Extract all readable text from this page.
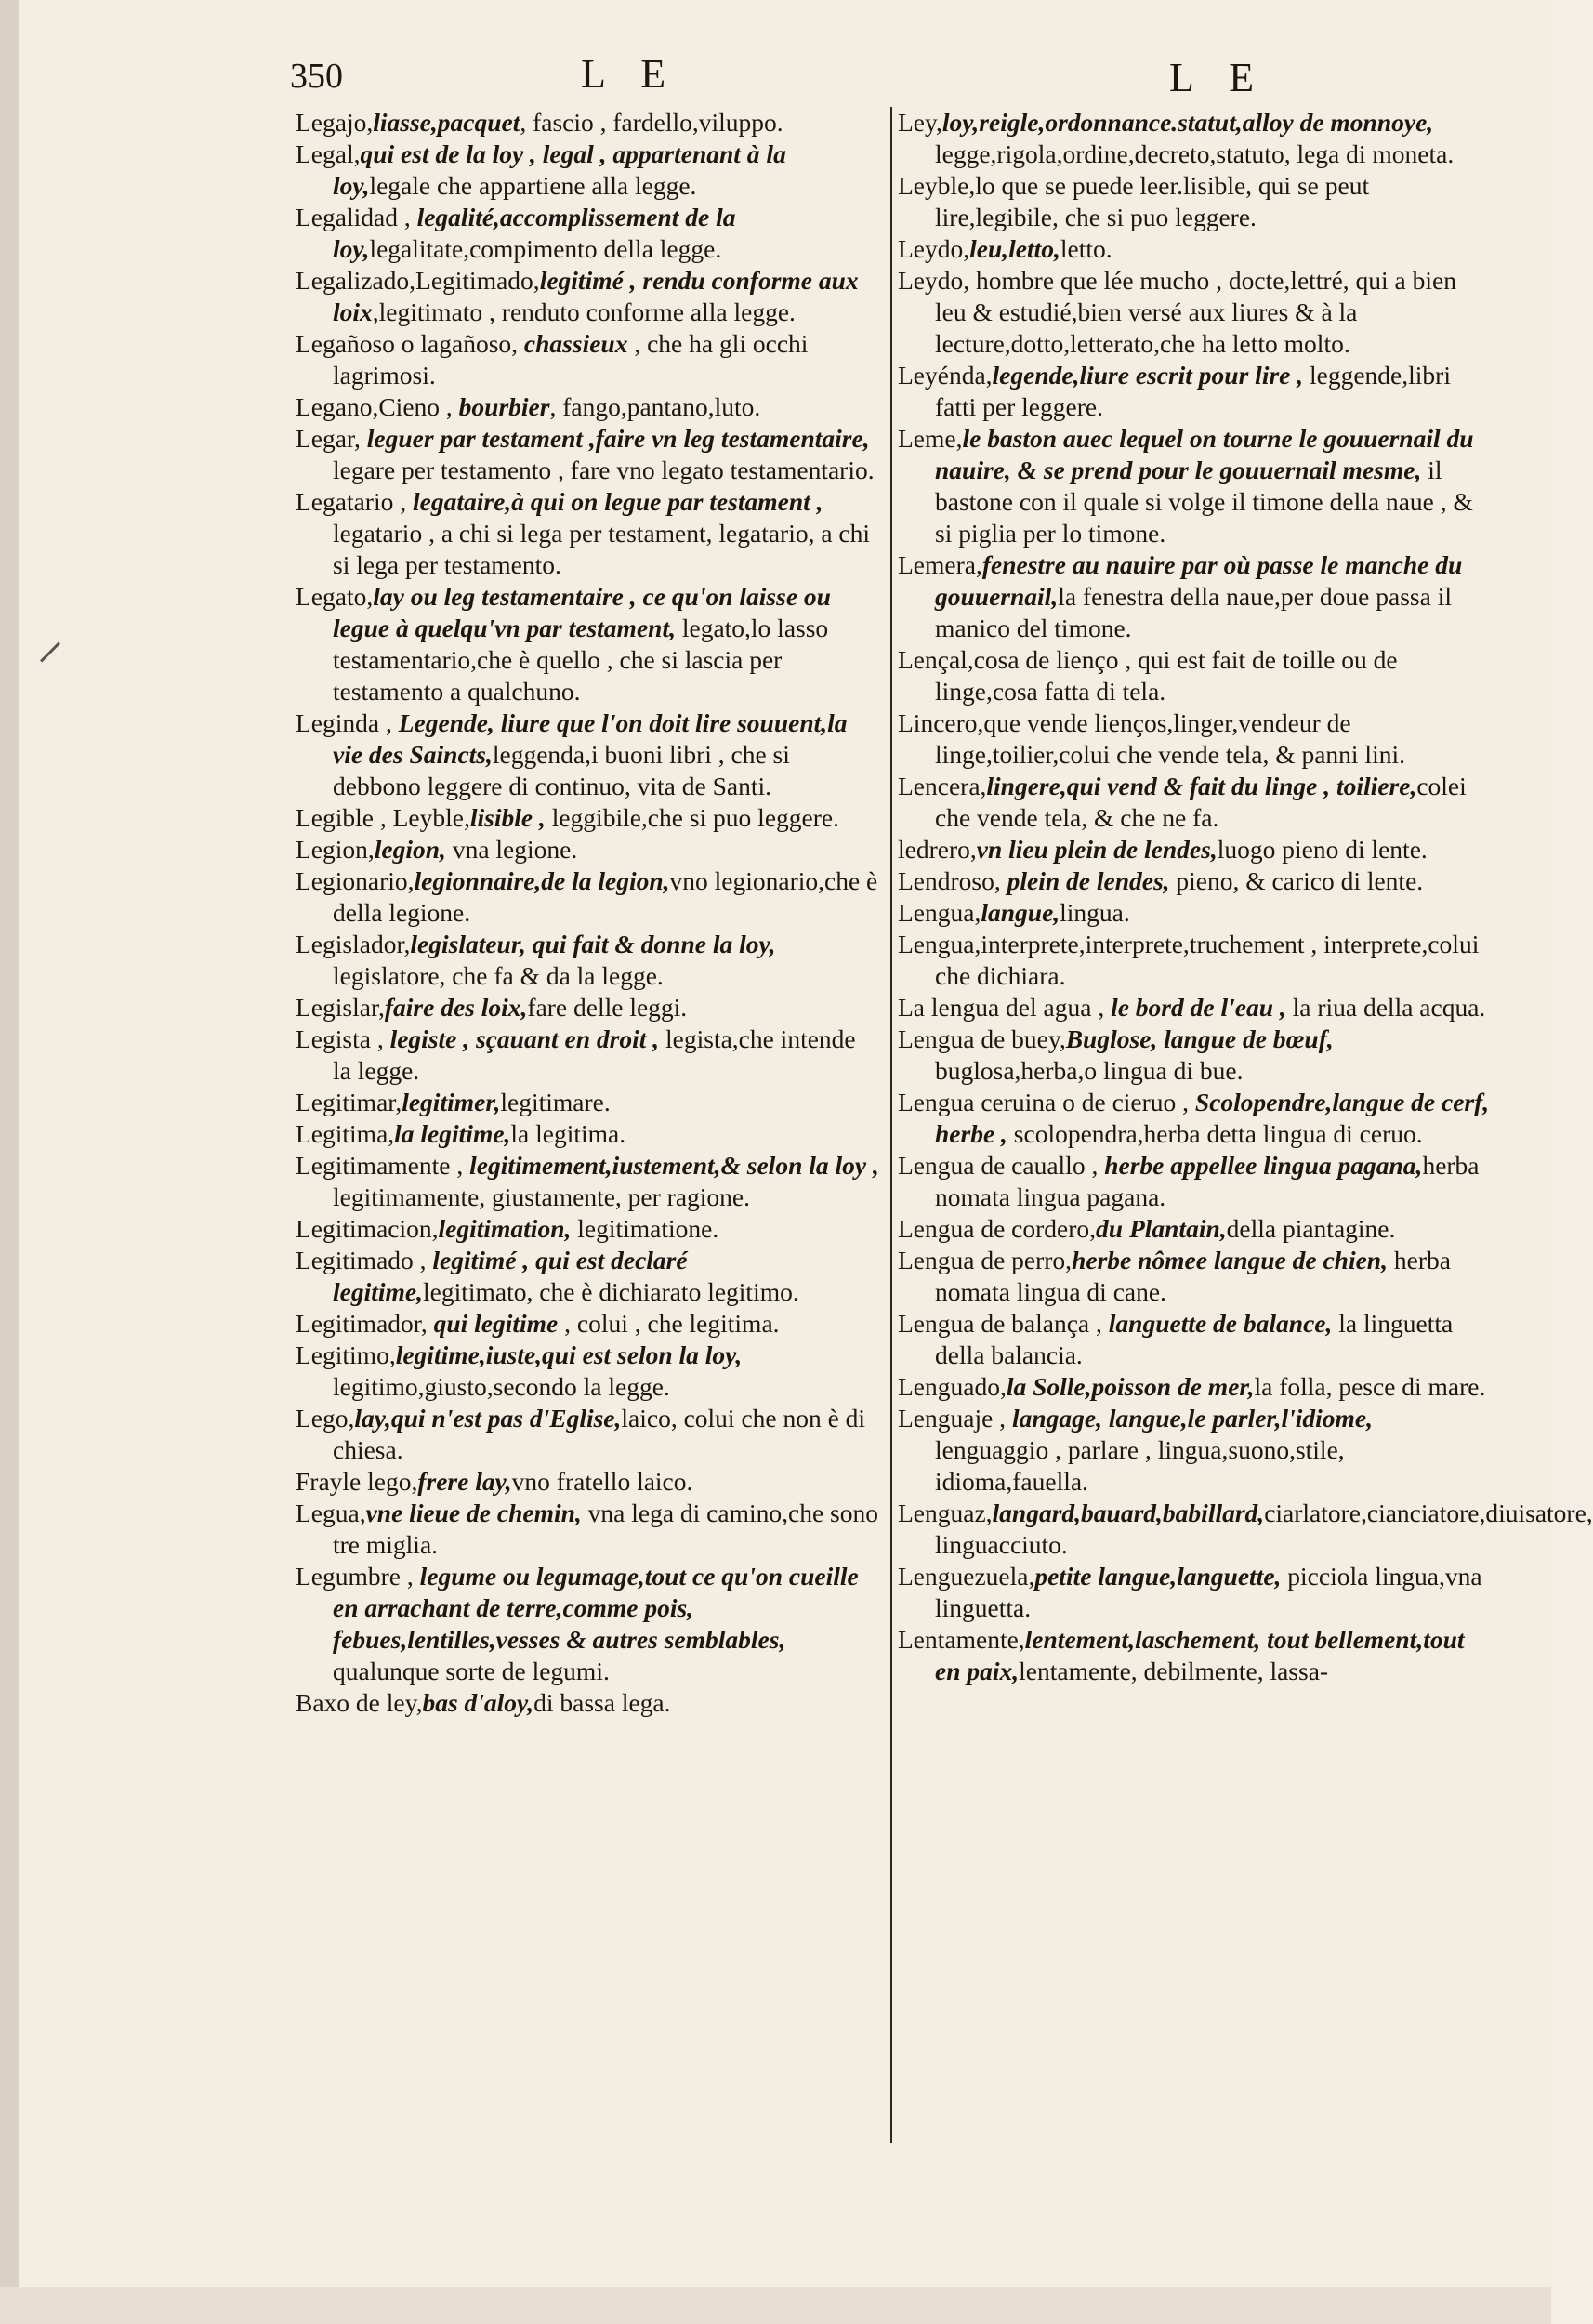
350	L E	L E

Legajo,liasse,pacquet, fascio , fardello,viluppo.

Legal,qui est de la loy , legal , appartenant à la loy,legale che appartiene alla legge.

Legalidad , legalité,accomplissement de la loy,legalitate,compimento della legge.

Legalizado,Legitimado,legitimé , rendu conforme aux loix,legitimato , renduto conforme alla legge.

Legañoso o lagañoso, chassieux , che ha gli occhi lagrimosi.

Legano,Cieno , bourbier, fango,pantano,luto.

Legar, leguer par testament ,faire vn leg testamentaire, legare per testamento , fare vno legato testamentario.

Legatario , legataire,à qui on legue par testament , legatario , a chi si lega per testament, legatario, a chi si lega per testamento.

Legato,lay ou leg testamentaire , ce qu'on laisse ou legue à quelqu'vn par testament, legato,lo lasso testamentario,che è quello , che si lascia per testamento a qualchuno.

Leginda , Legende, liure que l'on doit lire souuent,la vie des Saincts,leggenda,i buoni libri , che si debbono leggere di continuo, vita de Santi.

Legible , Leyble,lisible , leggibile,che si puo leggere.

Legion,legion, vna legione.

Legionario,legionnaire,de la legion,vno legionario,che è della legione.

Legislador,legislateur, qui fait & donne la loy, legislatore, che fa & da la legge.

Legislar,faire des loix,fare delle leggi.

Legista , legiste , sçauant en droit , legista,che intende la legge.

Legitimar,legitimer,legitimare.

Legitima,la legitime,la legitima.

Legitimamente , legitimement,iustement,& selon la loy , legitimamente, giustamente, per ragione.

Legitimacion,legitimation, legitimatione.

Legitimado , legitimé , qui est declaré legitime,legitimato, che è dichiarato legitimo.

Legitimador, qui legitime , colui , che legitima.

Legitimo,legitime,iuste,qui est selon la loy, legitimo,giusto,secondo la legge.

Lego,lay,qui n'est pas d'Eglise,laico, colui che non è di chiesa.

Frayle lego,frere lay,vno fratello laico.

Legua,vne lieue de chemin, vna lega di camino,che sono tre miglia.

Legumbre , legume ou legumage,tout ce qu'on cueille en arrachant de terre,comme pois, febues,lentilles,vesses & autres semblables, qualunque sorte de legumi.

Baxo de ley,bas d'aloy,di bassa lega.

Ley,loy,reigle,ordonnance.statut,alloy de monnoye, legge,rigola,ordine,decreto,statuto, lega di moneta.

Leyble,lo que se puede leer.lisible, qui se peut lire,legibile, che si puo leggere.

Leydo,leu,letto,letto.

Leydo, hombre que lée mucho , docte,lettré, qui a bien leu & estudié,bien versé aux liures & à la lecture,dotto,letterato,che ha letto molto.

Leyénda,legende,liure escrit pour lire , leggende,libri fatti per leggere.

Leme,le baston auec lequel on tourne le gouuernail du nauire, & se prend pour le gouuernail mesme, il bastone con il quale si volge il timone della naue , & si piglia per lo timone.

Lemera,fenestre au nauire par où passe le manche du gouuernail,la fenestra della naue,per doue passa il manico del timone.

Lençal,cosa de lienço , qui est fait de toille ou de linge,cosa fatta di tela.

Lincero,que vende lienços,linger,vendeur de linge,toilier,colui che vende tela, & panni lini.

Lencera,lingere,qui vend & fait du linge , toiliere,colei che vende tela, & che ne fa.

ledrero,vn lieu plein de lendes,luogo pieno di lente.

Lendroso, plein de lendes, pieno, & carico di lente.

Lengua,langue,lingua.

Lengua,interprete,interprete,truchement , interprete,colui che dichiara.

La lengua del agua , le bord de l'eau , la riua della acqua.

Lengua de buey,Buglose, langue de bœuf, buglosa,herba,o lingua di bue.

Lengua ceruina o de cieruo , Scolopendre,langue de cerf, herbe , scolopendra,herba detta lingua di ceruo.

Lengua de cauallo , herbe appellee lingua pagana,herba nomata lingua pagana.

Lengua de cordero,du Plantain,della piantagine.

Lengua de perro,herbe nômee langue de chien, herba nomata lingua di cane.

Lengua de balança , languette de balance, la linguetta della balancia.

Lenguado,la Solle,poisson de mer,la folla, pesce di mare.

Lenguaje , langage, langue,le parler,l'idiome, lenguaggio , parlare , lingua,suono,stile, idioma,fauella.

Lenguaz,langard,bauard,babillard,ciarlatore,cianciatore,diuisatore, linguacciuto.

Lenguezuela,petite langue,languette, picciola lingua,vna linguetta.

Lentamente,lentement,laschement, tout bellement,tout en paix,lentamente, debilmente, lassa-
